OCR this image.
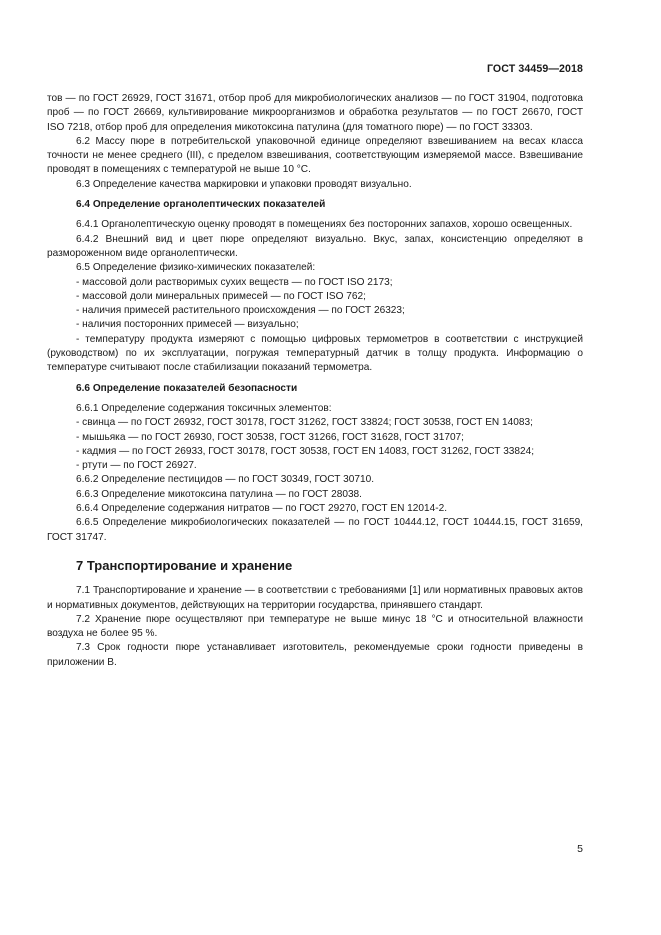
ГОСТ 34459—2018

тов — по ГОСТ 26929, ГОСТ 31671, отбор проб для микробиологических анализов — по ГОСТ 31904, подготовка проб — по ГОСТ 26669, культивирование микроорганизмов и обработка результатов — по ГОСТ 26670, ГОСТ ISO 7218, отбор проб для определения микотоксина патулина (для томатного пюре) — по ГОСТ 33303.

6.2 Массу пюре в потребительской упаковочной единице определяют взвешиванием на весах класса точности не менее среднего (III), с пределом взвешивания, соответствующим измеряемой массе. Взвешивание проводят в помещениях с температурой не выше 10 °С.

6.3 Определение качества маркировки и упаковки проводят визуально.

6.4 Определение органолептических показателей

6.4.1 Органолептическую оценку проводят в помещениях без посторонних запахов, хорошо освещенных.

6.4.2 Внешний вид и цвет пюре определяют визуально. Вкус, запах, консистенцию определяют в размороженном виде органолептически.

6.5 Определение физико-химических показателей:

- массовой доли растворимых сухих веществ — по ГОСТ ISO 2173;

- массовой доли минеральных примесей — по ГОСТ ISO 762;

- наличия примесей растительного происхождения — по ГОСТ 26323;

- наличия посторонних примесей — визуально;

- температуру продукта измеряют с помощью цифровых термометров в соответствии с инструкцией (руководством) по их эксплуатации, погружая температурный датчик в толщу продукта. Информацию о температуре считывают после стабилизации показаний термометра.

6.6 Определение показателей безопасности

6.6.1 Определение содержания токсичных элементов:

- свинца — по ГОСТ 26932, ГОСТ 30178, ГОСТ 31262, ГОСТ 33824; ГОСТ 30538, ГОСТ EN 14083;

- мышьяка — по ГОСТ 26930, ГОСТ 30538, ГОСТ 31266, ГОСТ 31628, ГОСТ 31707;

- кадмия — по ГОСТ 26933, ГОСТ 30178, ГОСТ 30538, ГОСТ EN 14083, ГОСТ 31262, ГОСТ 33824;

- ртути — по ГОСТ 26927.

6.6.2 Определение пестицидов — по ГОСТ 30349, ГОСТ 30710.

6.6.3 Определение микотоксина патулина — по ГОСТ 28038.

6.6.4 Определение содержания нитратов — по ГОСТ 29270, ГОСТ EN 12014-2.

6.6.5 Определение микробиологических показателей — по ГОСТ 10444.12, ГОСТ 10444.15, ГОСТ 31659, ГОСТ 31747.

7 Транспортирование и хранение

7.1 Транспортирование и хранение — в соответствии с требованиями [1] или нормативных правовых актов и нормативных документов, действующих на территории государства, принявшего стандарт.

7.2 Хранение пюре осуществляют при температуре не выше минус 18 °С и относительной влажности воздуха не более 95 %.

7.3 Срок годности пюре устанавливает изготовитель, рекомендуемые сроки годности приведены в приложении В.

5
